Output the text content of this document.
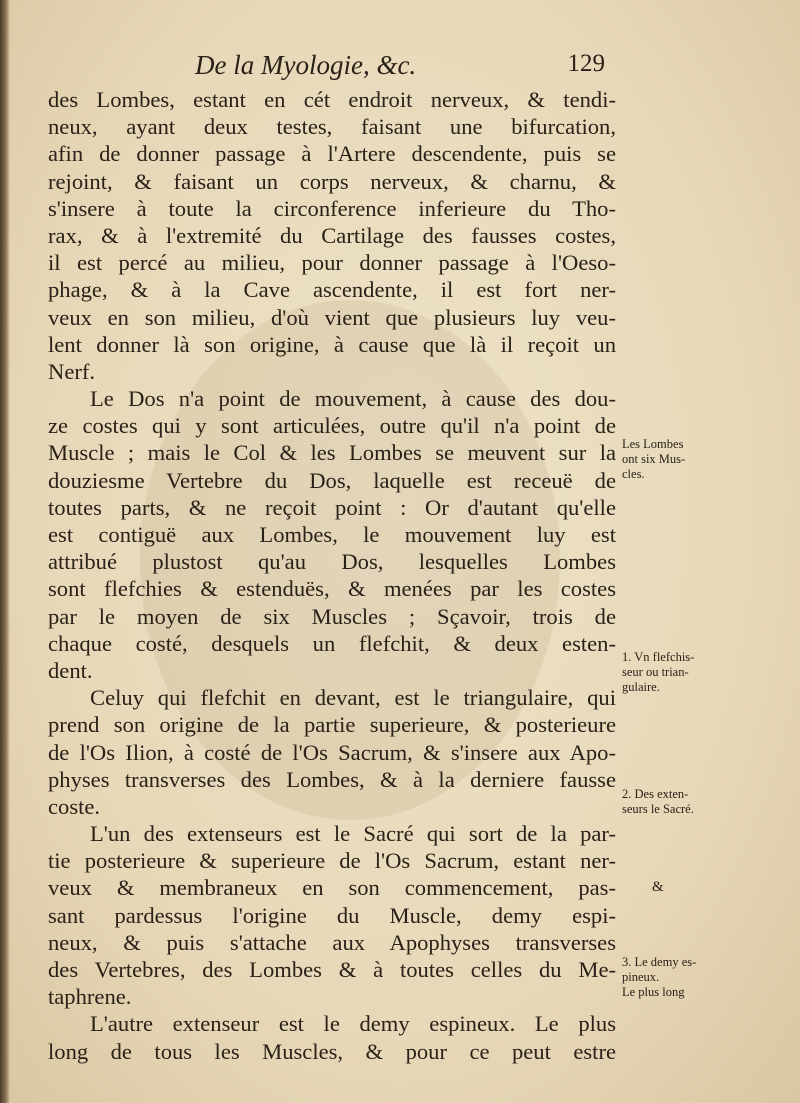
De la Myologie, &c.	129
des Lombes, estant en cét endroit nerveux, & tendi-
neux, ayant deux testes, faisant une bifurcation,
afin de donner passage à l'Artere descendente, puis se
rejoint, & faisant un corps nerveux, & charnu, &
s'insere à toute la circonference inferieure du Tho-
rax, & à l'extremité du Cartilage des fausses costes,
il est percé au milieu, pour donner passage à l'Oeso-
phage, & à la Cave ascendente, il est fort ner-
veux en son milieu, d'où vient que plusieurs luy veu-
lent donner là son origine, à cause que là il reçoit un
Nerf.
Le Dos n'a point de mouvement, à cause des dou-
ze costes qui y sont articulées, outre qu'il n'a point de
Muscle ; mais le Col & les Lombes se meuvent sur la
douziesme Vertebre du Dos, laquelle est receuë de
toutes parts, & ne reçoit point : Or d'autant qu'elle
est contiguë aux Lombes, le mouvement luy est
attribué plustost qu'au Dos, lesquelles Lombes
sont flefchies & estenduës, & menées par les costes
par le moyen de six Muscles ; Sçavoir, trois de
chaque costé, desquels un flefchit, & deux esten-
dent.
Celuy qui flefchit en devant, est le triangulaire, qui
prend son origine de la partie superieure, & posterieure
de l'Os Ilion, à costé de l'Os Sacrum, & s'insere aux Apo-
physes transverses des Lombes, & à la derniere fausse
coste.
L'un des extenseurs est le Sacré qui sort de la par-
tie posterieure & superieure de l'Os Sacrum, estant ner-
veux & membraneux en son commencement, pas-
sant pardessus l'origine du Muscle, demy espi-
neux, & puis s'attache aux Apophyses transverses
des Vertebres, des Lombes & à toutes celles du Me-
taphrene.
L'autre extenseur est le demy espineux. Le plus
long de tous les Muscles, & pour ce peut estre
Les Lombes
ont six Mus-
cles.
1. Vn flefchis-
seur ou trian-
gulaire.
2. Des exten-
seurs le Sacré.
&
3. Le demy es-
pineux.
Le plus long
